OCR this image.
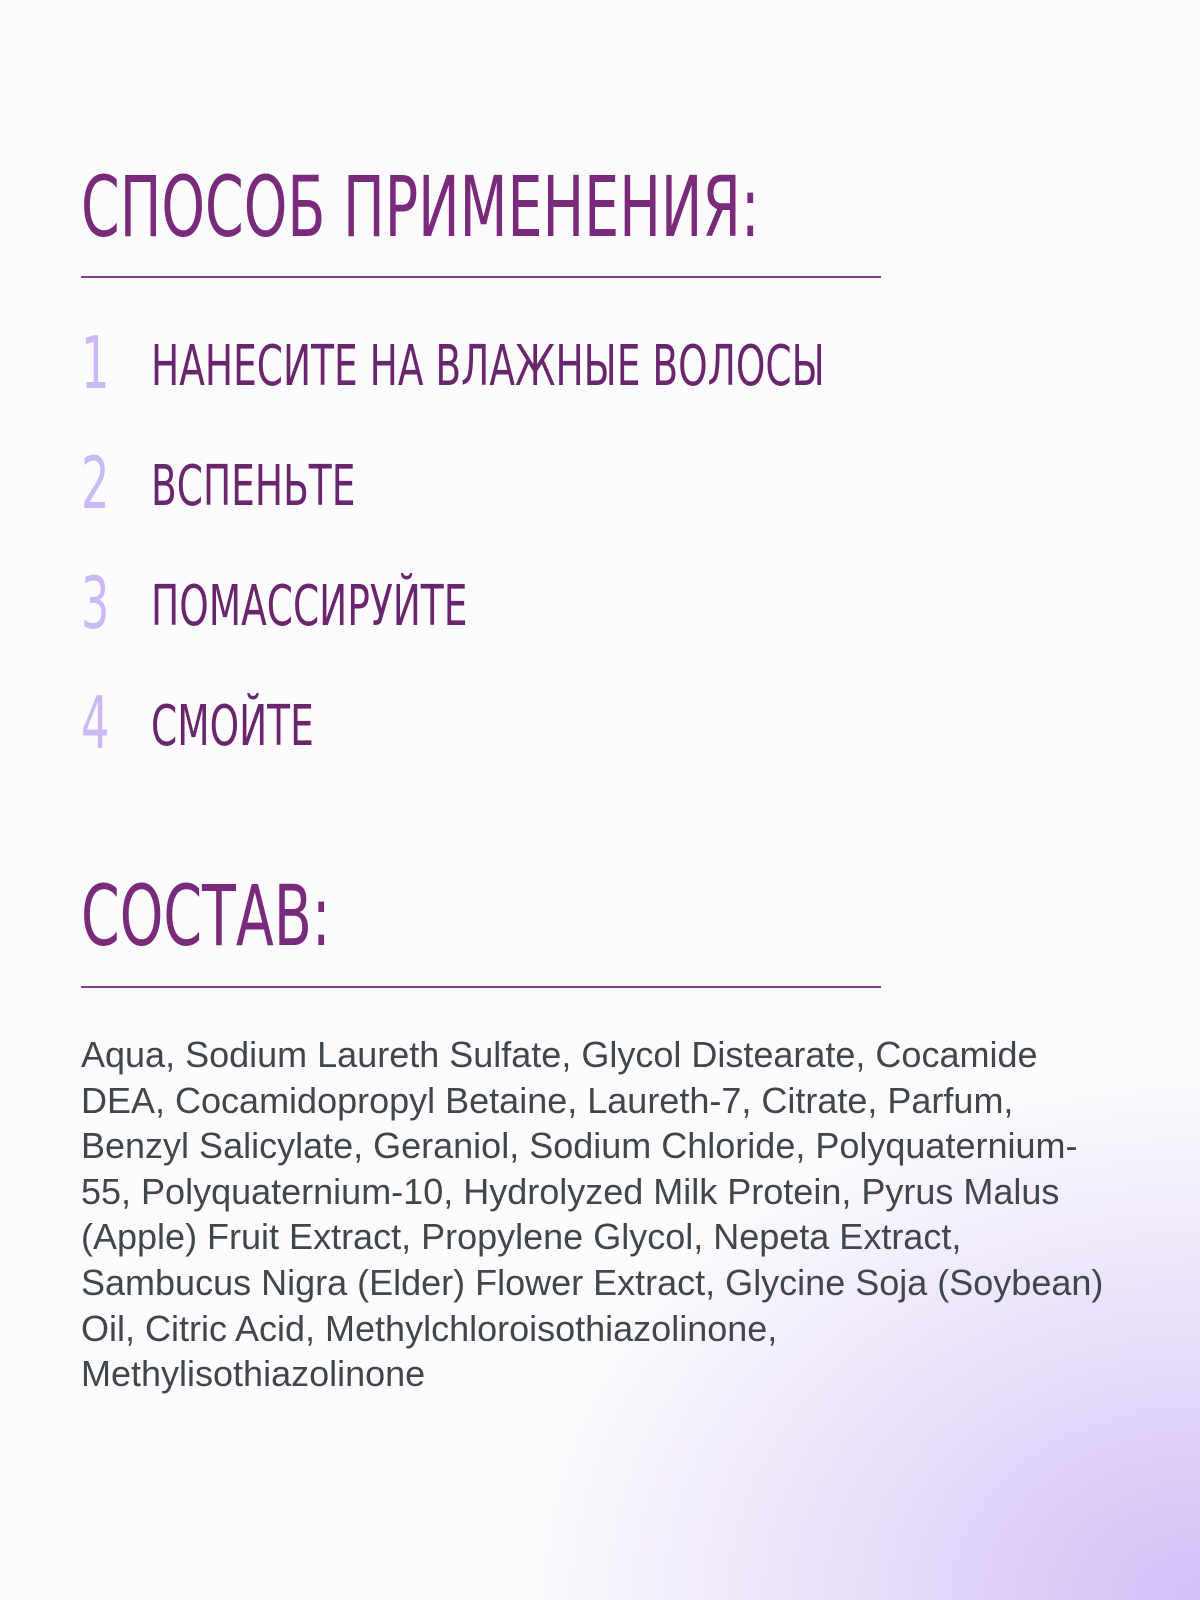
СПОСОБ ПРИМЕНЕНИЯ:
1 НАНЕСИТЕ НА ВЛАЖНЫЕ ВОЛОСЫ
2 ВСПЕНЬТЕ
3 ПОМАССИРУЙТЕ
4 СМОЙТЕ
СОСТАВ:

Aqua, Sodium Laureth Sulfate, Glycol Distearate, Cocamide DEA, Cocamidopropyl Betaine, Laureth-7, Citrate, Parfum, Benzyl Salicylate, Geraniol, Sodium Chloride, Polyquaternium-55, Polyquaternium-10, Hydrolyzed Milk Protein, Pyrus Malus (Apple) Fruit Extract, Propylene Glycol, Nepeta Extract, Sambucus Nigra (Elder) Flower Extract, Glycine Soja (Soybean) Oil, Citric Acid, Methylchloroisothiazolinone, Methylisothiazolinone
